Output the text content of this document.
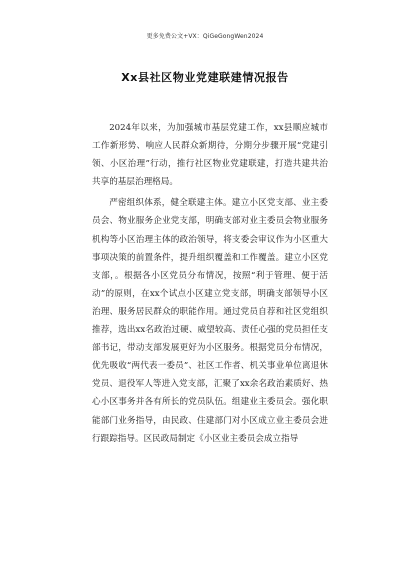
更多免费公文+VX：QiGeGongWen2024
Xx县社区物业党建联建情况报告

2024年以来，为加强城市基层党建工作，xx县顺应城市工作新形势、响应人民群众新期待，分期分步骤开展“党建引领、小区治理”行动，推行社区物业党建联建，打造共建共治共享的基层治理格局。

严密组织体系，健全联建主体。建立小区党支部、业主委员会、物业服务企业党支部，明确支部对业主委员会物业服务机构等小区治理主体的政治领导，将支委会审议作为小区重大事项决策的前置条件，提升组织覆盖和工作覆盖。建立小区党支部，。根据各小区党员分布情况，按照“利于管理、便于活动”的原则，在xx个试点小区建立党支部，明确支部领导小区治理、服务居民群众的职能作用。通过党员自荐和社区党组织推荐，选出xx名政治过硬、威望较高、责任心强的党员担任支部书记，带动支部发展更好为小区服务。根据党员分布情况，优先吸收“两代表一委员”、社区工作者、机关事业单位离退休党员、退役军人等进入党支部，汇聚了xx余名政治素质好、热心小区事务并各有所长的党员队伍。组建业主委员会。强化职能部门业务指导，由民政、住建部门对小区成立业主委员会进行跟踪指导。区民政局制定《小区业主委员会成立指导
